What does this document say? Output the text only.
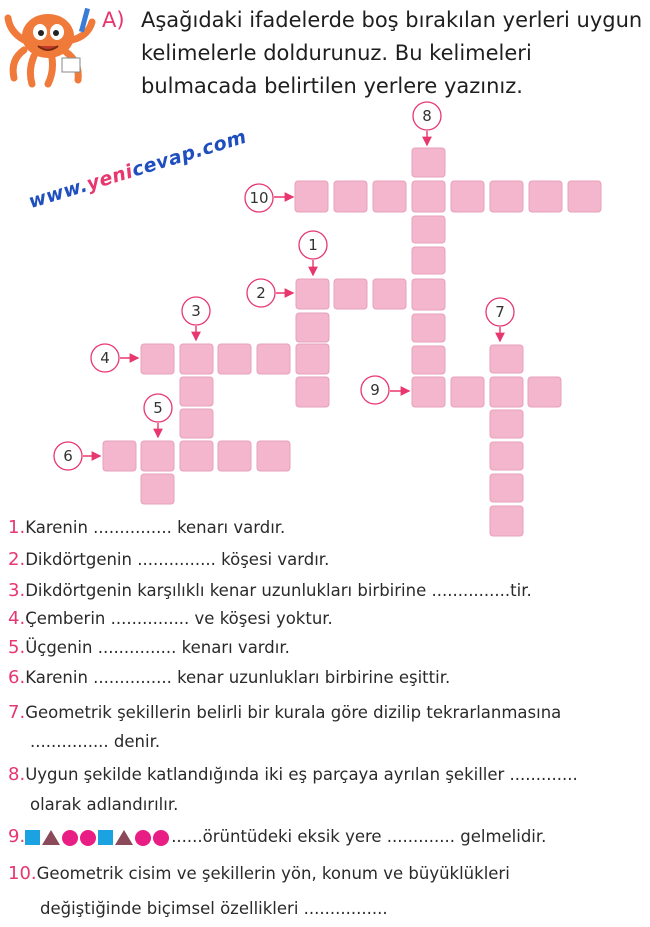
A) Aşağıdaki ifadelerde boş bırakılan yerleri uygun kelimelerle doldurunuz. Bu kelimeleri bulmacada belirtilen yerlere yazınız.
www.yenicevap.com
10
8
9
7
1
2
4
3
5
6
1.Karenin ............... kenarı vardır.
2.Dikdörtgenin ............... köşesi vardır.
3.Dikdörtgenin karşılıklı kenar uzunlukları birbirine ...............tir.
4.Çemberin ............... ve köşesi yoktur.
5.Üçgenin ............... kenarı vardır.
6.Karenin ............... kenar uzunlukları birbirine eşittir.
7.Geometrik şekillerin belirli bir kurala göre dizilip tekrarlanmasına
............... denir.
8.Uygun şekilde katlandığında iki eş parçaya ayrılan şekiller .............
olarak adlandırılır.
9.	......örüntüdeki eksik yere ............. gelmelidir.
10.Geometrik cisim ve şekillerin yön, konum ve büyüklükleri
değiştiğinde biçimsel özellikleri ................
